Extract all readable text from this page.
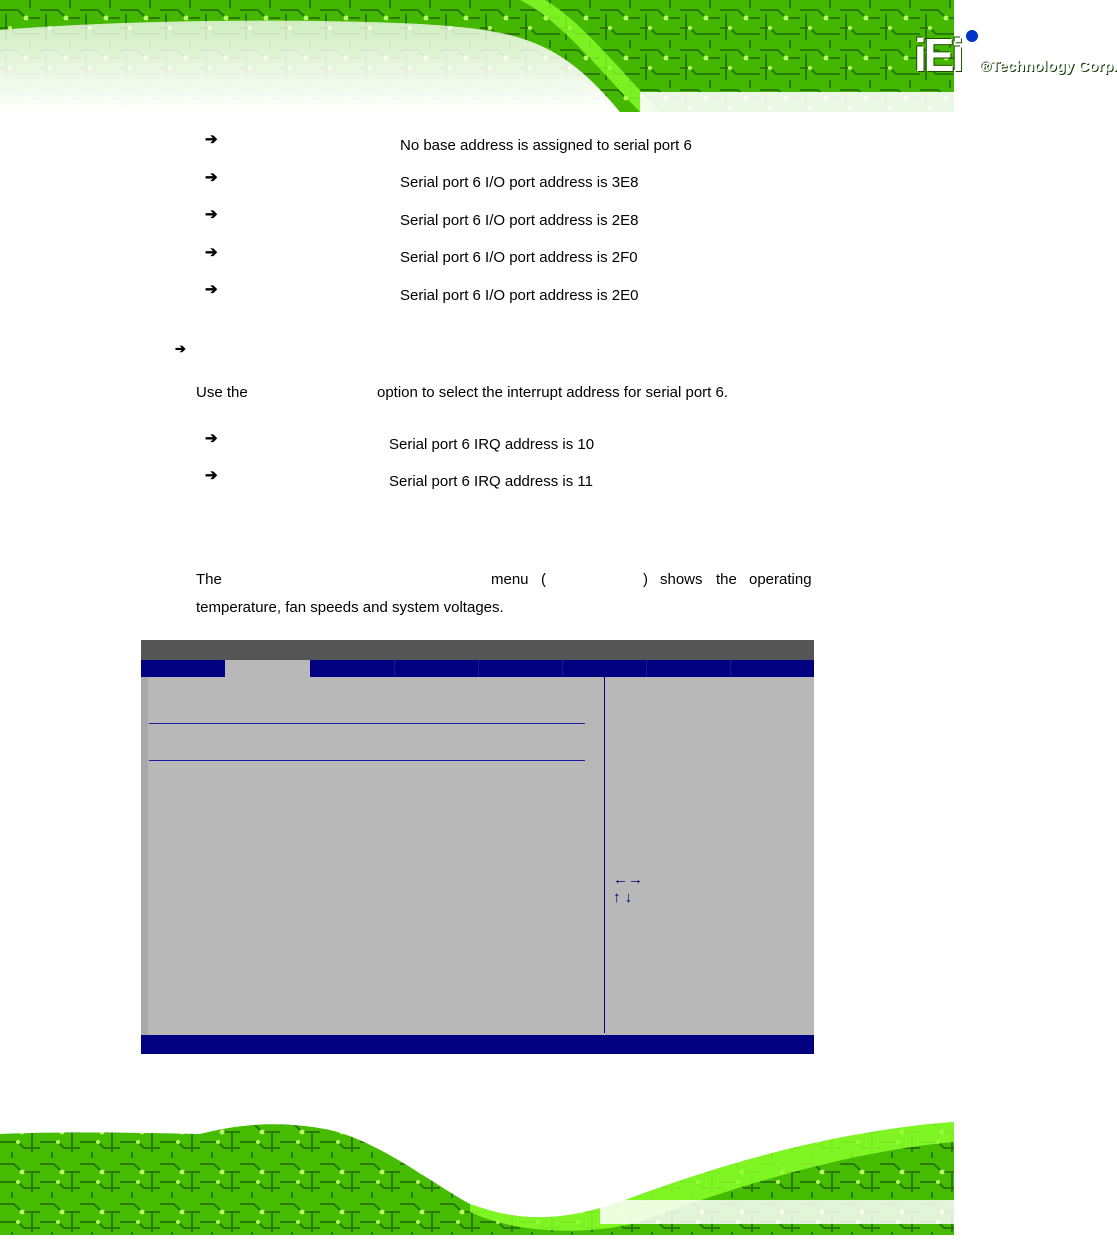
iEi ®Technology Corp.
➔	No base address is assigned to serial port 6
➔	Serial port 6 I/O port address is 3E8
➔	Serial port 6 I/O port address is 2E8
➔	Serial port 6 I/O port address is 2F0
➔	Serial port 6 I/O port address is 2E0
➔
Use the	option to select the interrupt address for serial port 6.
➔	Serial port 6 IRQ address is 10
➔	Serial port 6 IRQ address is 11
The	menu (	) shows the operating
temperature, fan speeds and system voltages.
←→
↑ ↓
